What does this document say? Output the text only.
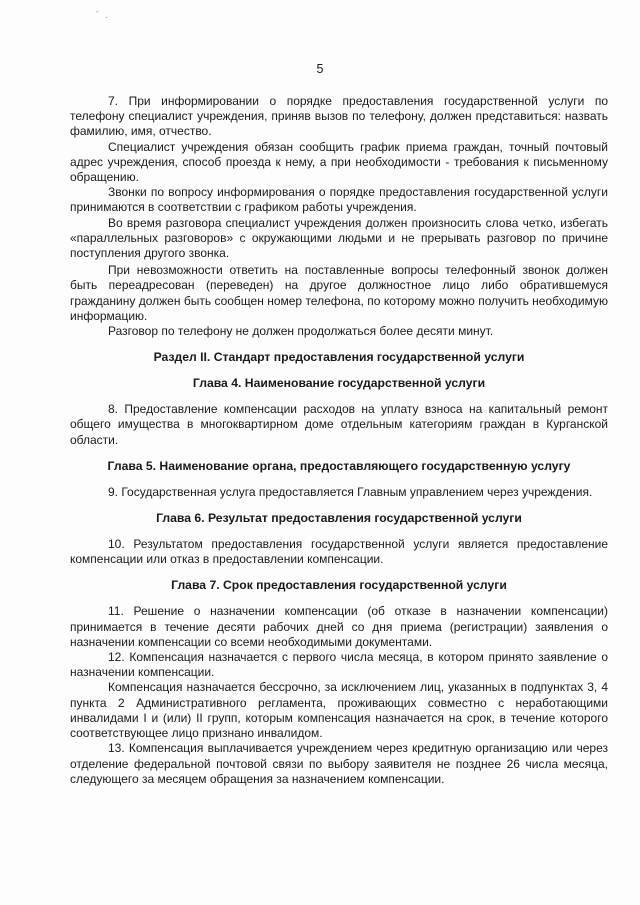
´ .
5

7. При информировании о порядке предоставления государственной услуги по телефону специалист учреждения, приняв вызов по телефону, должен представиться: назвать фамилию, имя, отчество.

Специалист учреждения обязан сообщить график приема граждан, точный почтовый адрес учреждения, способ проезда к нему, а при необходимости - требования к письменному обращению.

Звонки по вопросу информирования о порядке предоставления государственной услуги принимаются в соответствии с графиком работы учреждения.

Во время разговора специалист учреждения должен произносить слова четко, избегать «параллельных разговоров» с окружающими людьми и не прерывать разговор по причине поступления другого звонка.

При невозможности ответить на поставленные вопросы телефонный звонок должен быть переадресован (переведен) на другое должностное лицо либо обратившемуся гражданину должен быть сообщен номер телефона, по которому можно получить необходимую информацию.

Разговор по телефону не должен продолжаться более десяти минут.

Раздел II. Стандарт предоставления государственной услуги
Глава 4. Наименование государственной услуги

8. Предоставление компенсации расходов на уплату взноса на капитальный ремонт общего имущества в многоквартирном доме отдельным категориям граждан в Курганской области.

Глава 5. Наименование органа, предоставляющего государственную услугу

9. Государственная услуга предоставляется Главным управлением через учреждения.

Глава 6. Результат предоставления государственной услуги

10. Результатом предоставления государственной услуги является предоставление компенсации или отказ в предоставлении компенсации.

Глава 7. Срок предоставления государственной услуги

11. Решение о назначении компенсации (об отказе в назначении компенсации) принимается в течение десяти рабочих дней со дня приема (регистрации) заявления о назначении компенсации со всеми необходимыми документами.

12. Компенсация назначается с первого числа месяца, в котором принято заявление о назначении компенсации.

Компенсация назначается бессрочно, за исключением лиц, указанных в подпунктах 3, 4 пункта 2 Административного регламента, проживающих совместно с неработающими инвалидами I и (или) II групп, которым компенсация назначается на срок, в течение которого соответствующее лицо признано инвалидом.

13. Компенсация выплачивается учреждением через кредитную организацию или через отделение федеральной почтовой связи по выбору заявителя не позднее 26 числа месяца, следующего за месяцем обращения за назначением компенсации.
